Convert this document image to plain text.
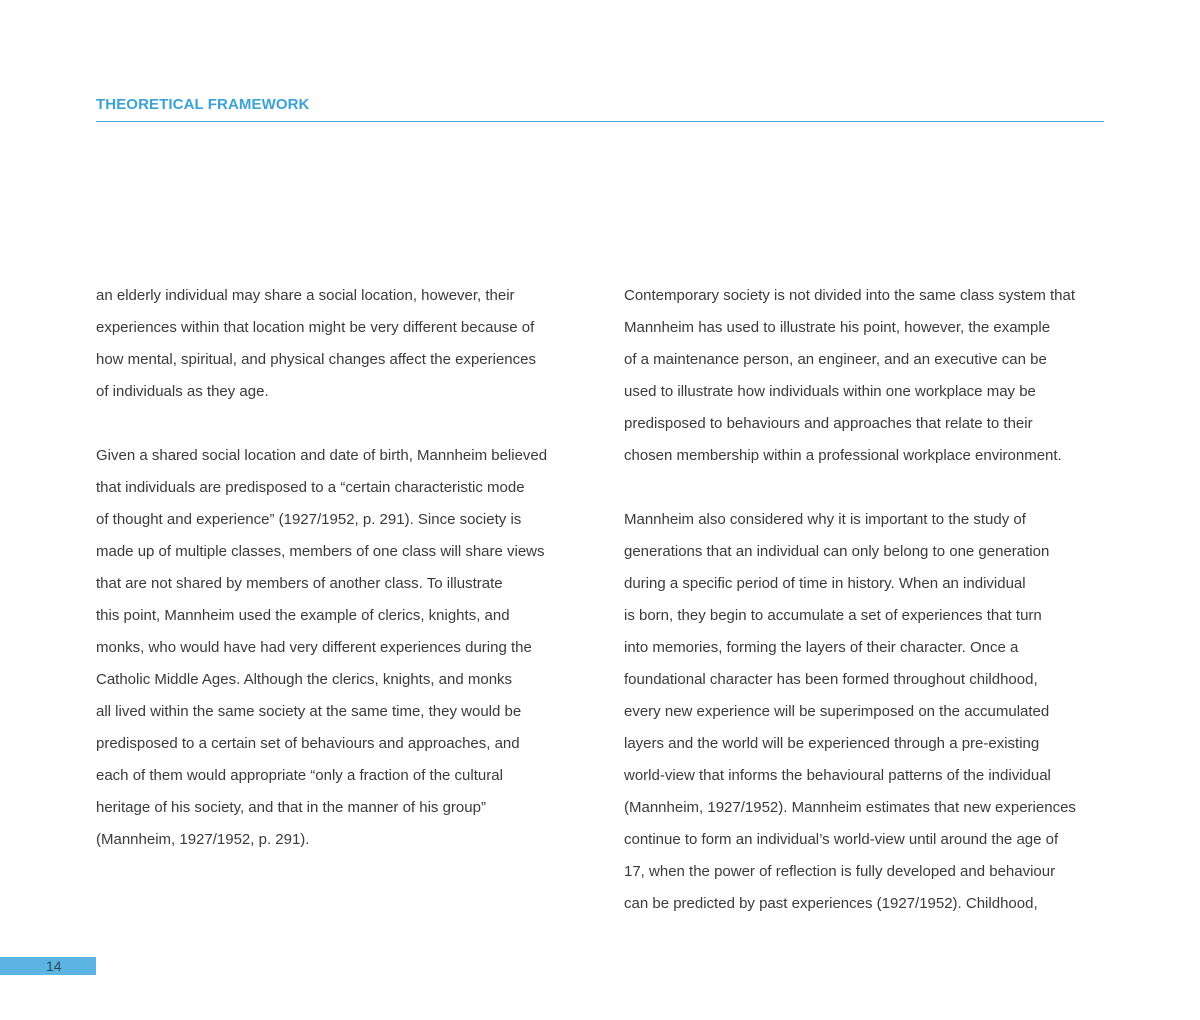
THEORETICAL FRAMEWORK
an elderly individual may share a social location, however, their
experiences within that location might be very different because of
how mental, spiritual, and physical changes affect the experiences
of individuals as they age.
Given a shared social location and date of birth, Mannheim believed
that individuals are predisposed to a “certain characteristic mode
of thought and experience” (1927/1952, p. 291). Since society is
made up of multiple classes, members of one class will share views
that are not shared by members of another class. To illustrate
this point, Mannheim used the example of clerics, knights, and
monks, who would have had very different experiences during the
Catholic Middle Ages. Although the clerics, knights, and monks
all lived within the same society at the same time, they would be
predisposed to a certain set of behaviours and approaches, and
each of them would appropriate “only a fraction of the cultural
heritage of his society, and that in the manner of his group”
(Mannheim, 1927/1952, p. 291).
Contemporary society is not divided into the same class system that
Mannheim has used to illustrate his point, however, the example
of a maintenance person, an engineer, and an executive can be
used to illustrate how individuals within one workplace may be
predisposed to behaviours and approaches that relate to their
chosen membership within a professional workplace environment.
Mannheim also considered why it is important to the study of
generations that an individual can only belong to one generation
during a specific period of time in history. When an individual
is born, they begin to accumulate a set of experiences that turn
into memories, forming the layers of their character. Once a
foundational character has been formed throughout childhood,
every new experience will be superimposed on the accumulated
layers and the world will be experienced through a pre-existing
world-view that informs the behavioural patterns of the individual
(Mannheim, 1927/1952). Mannheim estimates that new experiences
continue to form an individual’s world-view until around the age of
17, when the power of reflection is fully developed and behaviour
can be predicted by past experiences (1927/1952). Childhood,
14
